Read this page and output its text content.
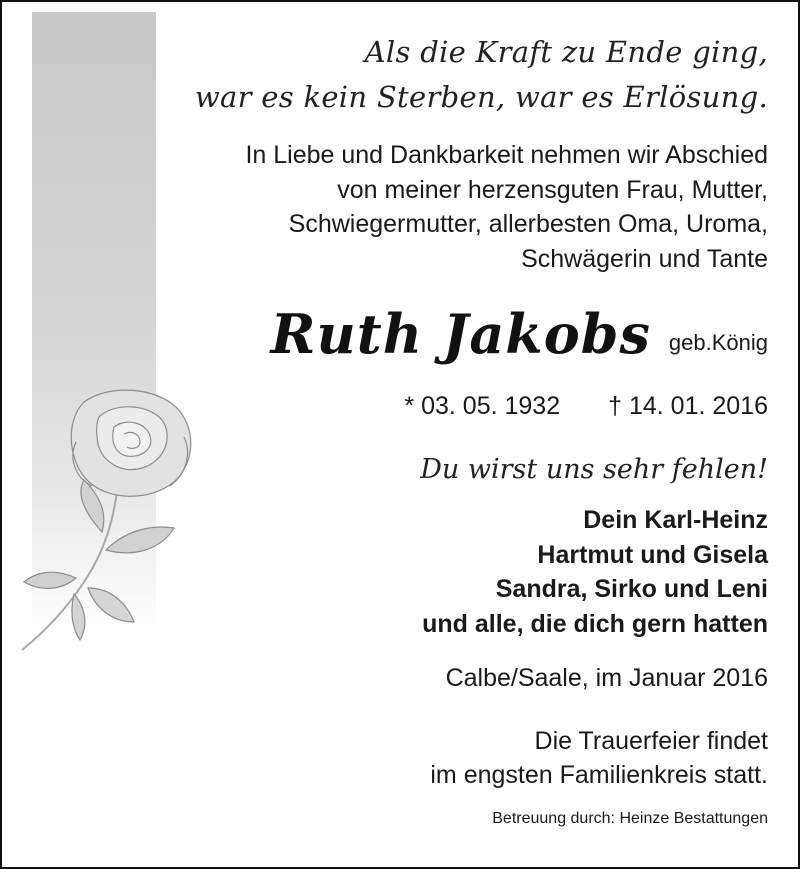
Als die Kraft zu Ende ging,
war es kein Sterben, war es Erlösung.
In Liebe und Dankbarkeit nehmen wir Abschied
von meiner herzensguten Frau, Mutter,
Schwiegermutter, allerbesten Oma, Uroma,
Schwägerin und Tante
Ruth Jakobs geb.König
* 03. 05. 1932 † 14. 01. 2016
Du wirst uns sehr fehlen!
Dein Karl-Heinz
Hartmut und Gisela
Sandra, Sirko und Leni
und alle, die dich gern hatten
Calbe/Saale, im Januar 2016
Die Trauerfeier findet
im engsten Familienkreis statt.
Betreuung durch: Heinze Bestattungen
